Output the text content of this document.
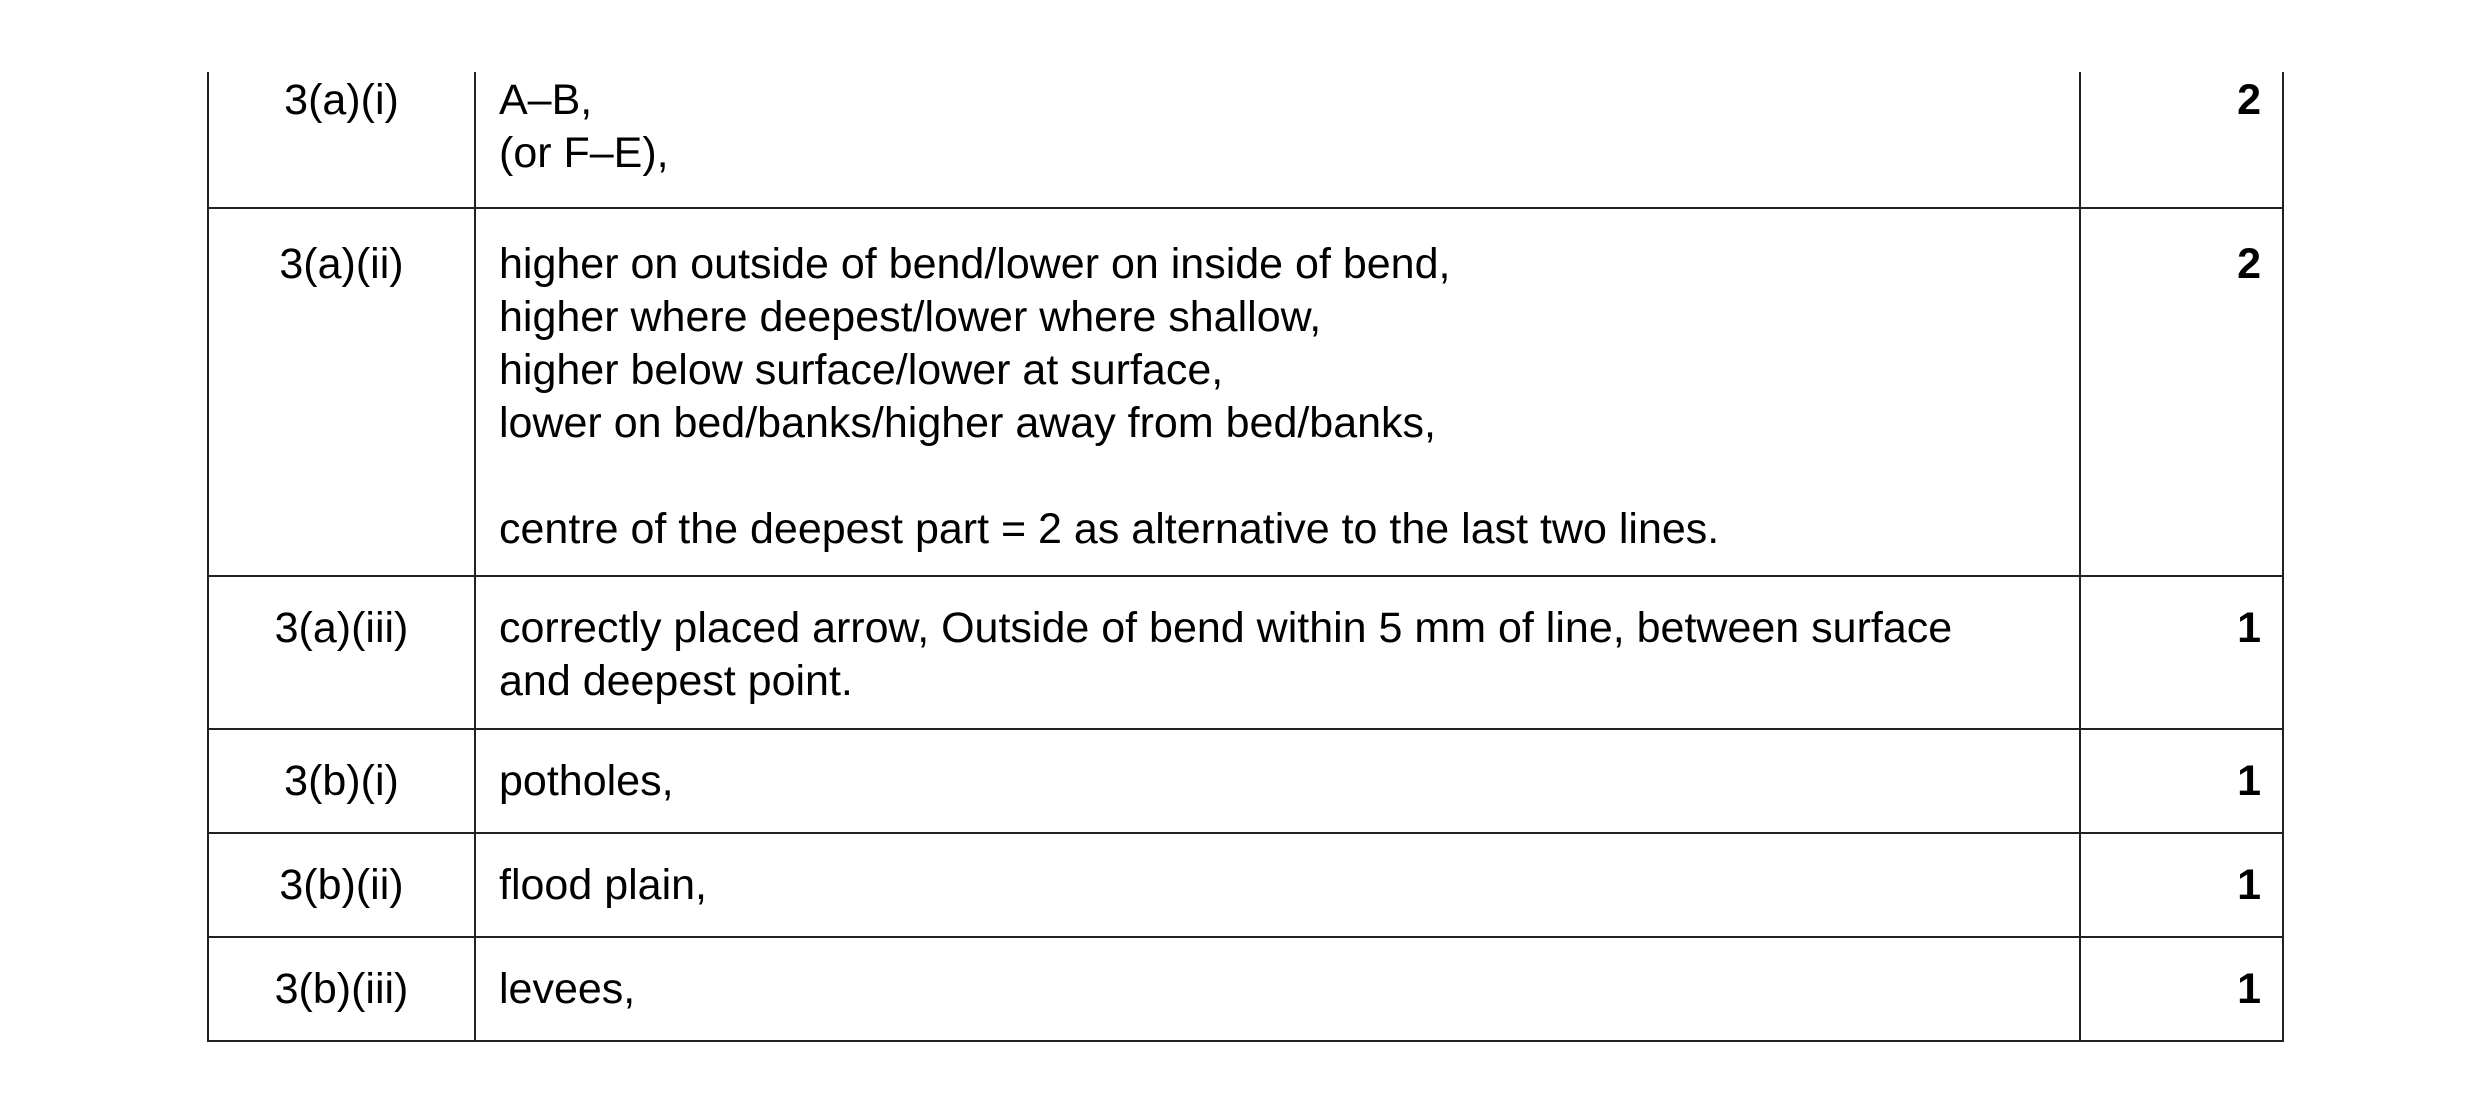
3(a)(i)	A–B,
(or F–E),	2
3(a)(ii)	higher on outside of bend/lower on inside of bend,
higher where deepest/lower where shallow,
higher below surface/lower at surface,
lower on bed/banks/higher away from bed/banks,
centre of the deepest part = 2 as alternative to the last two lines.	2
3(a)(iii)	correctly placed arrow, Outside of bend within 5 mm of line, between surface
and deepest point.	1
3(b)(i)	potholes,	1
3(b)(ii)	flood plain,	1
3(b)(iii)	levees,	1
